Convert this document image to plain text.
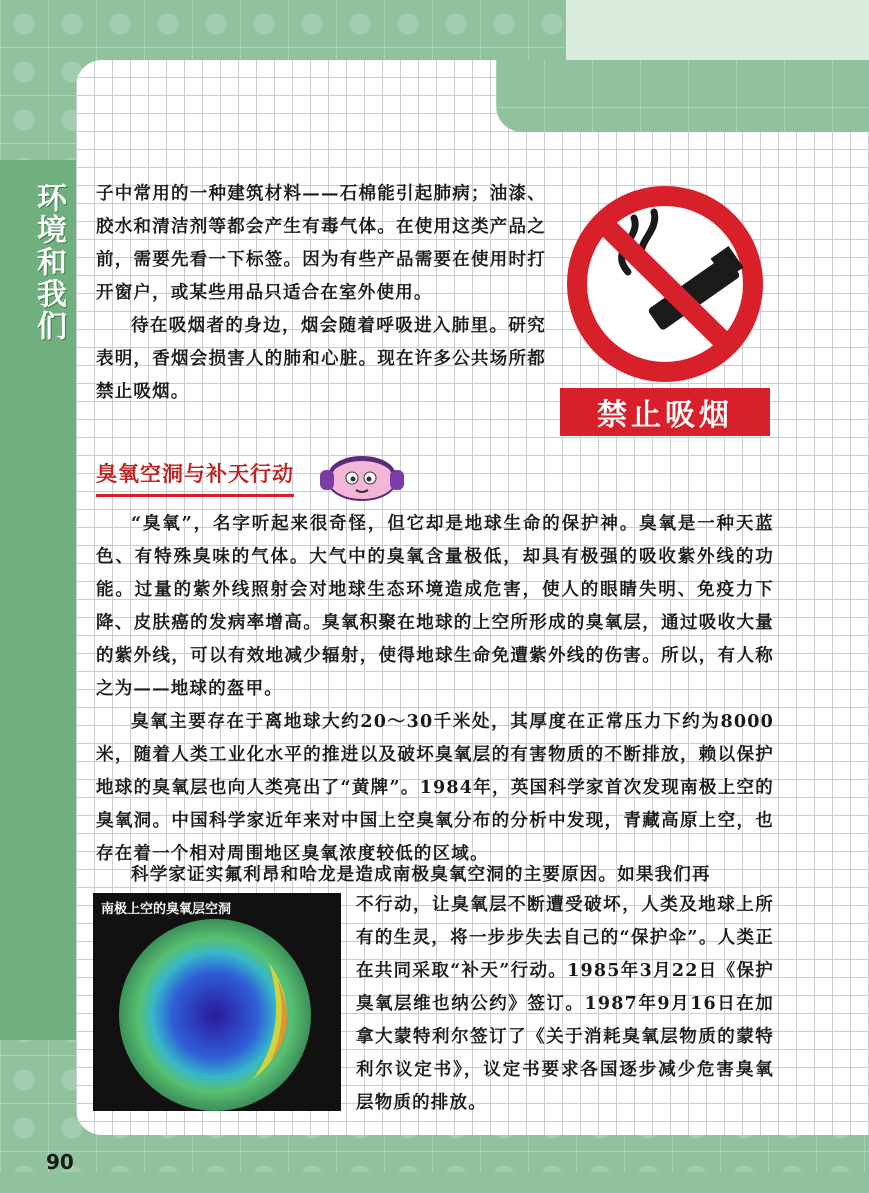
环境和我们 子中常用的一种建筑材料——石棉能引起肺病；油漆、胶水和清洁剂等都会产生有毒气体。在使用这类产品之前，需要先看一下标签。因为有些产品需要在使用时打开窗户，或某些用品只适合在室外使用。

待在吸烟者的身边，烟会随着呼吸进入肺里。研究表明，香烟会损害人的肺和心脏。现在许多公共场所都禁止吸烟。

禁止吸烟
臭氧空洞与补天行动

“臭氧”，名字听起来很奇怪，但它却是地球生命的保护神。臭氧是一种天蓝色、有特殊臭味的气体。大气中的臭氧含量极低，却具有极强的吸收紫外线的功能。过量的紫外线照射会对地球生态环境造成危害，使人的眼睛失明、免疫力下降、皮肤癌的发病率增高。臭氧积聚在地球的上空所形成的臭氧层，通过吸收大量的紫外线，可以有效地减少辐射，使得地球生命免遭紫外线的伤害。所以，有人称之为——地球的盔甲。

臭氧主要存在于离地球大约20～30千米处，其厚度在正常压力下约为8000米，随着人类工业化水平的推进以及破坏臭氧层的有害物质的不断排放，赖以保护地球的臭氧层也向人类亮出了“黄牌”。1984年，英国科学家首次发现南极上空的臭氧洞。中国科学家近年来对中国上空臭氧分布的分析中发现，青藏高原上空，也存在着一个相对周围地区臭氧浓度较低的区域。

科学家证实氟利昂和哈龙是造成南极臭氧空洞的主要原因。如果我们再

不行动，让臭氧层不断遭受破坏，人类及地球上所有的生灵，将一步步失去自己的“保护伞”。人类正在共同采取“补天”行动。1985年3月22日《保护臭氧层维也纳公约》签订。1987年9月16日在加拿大蒙特利尔签订了《关于消耗臭氧层物质的蒙特利尔议定书》，议定书要求各国逐步减少危害臭氧层物质的排放。

南极上空的臭氧层空洞
90
